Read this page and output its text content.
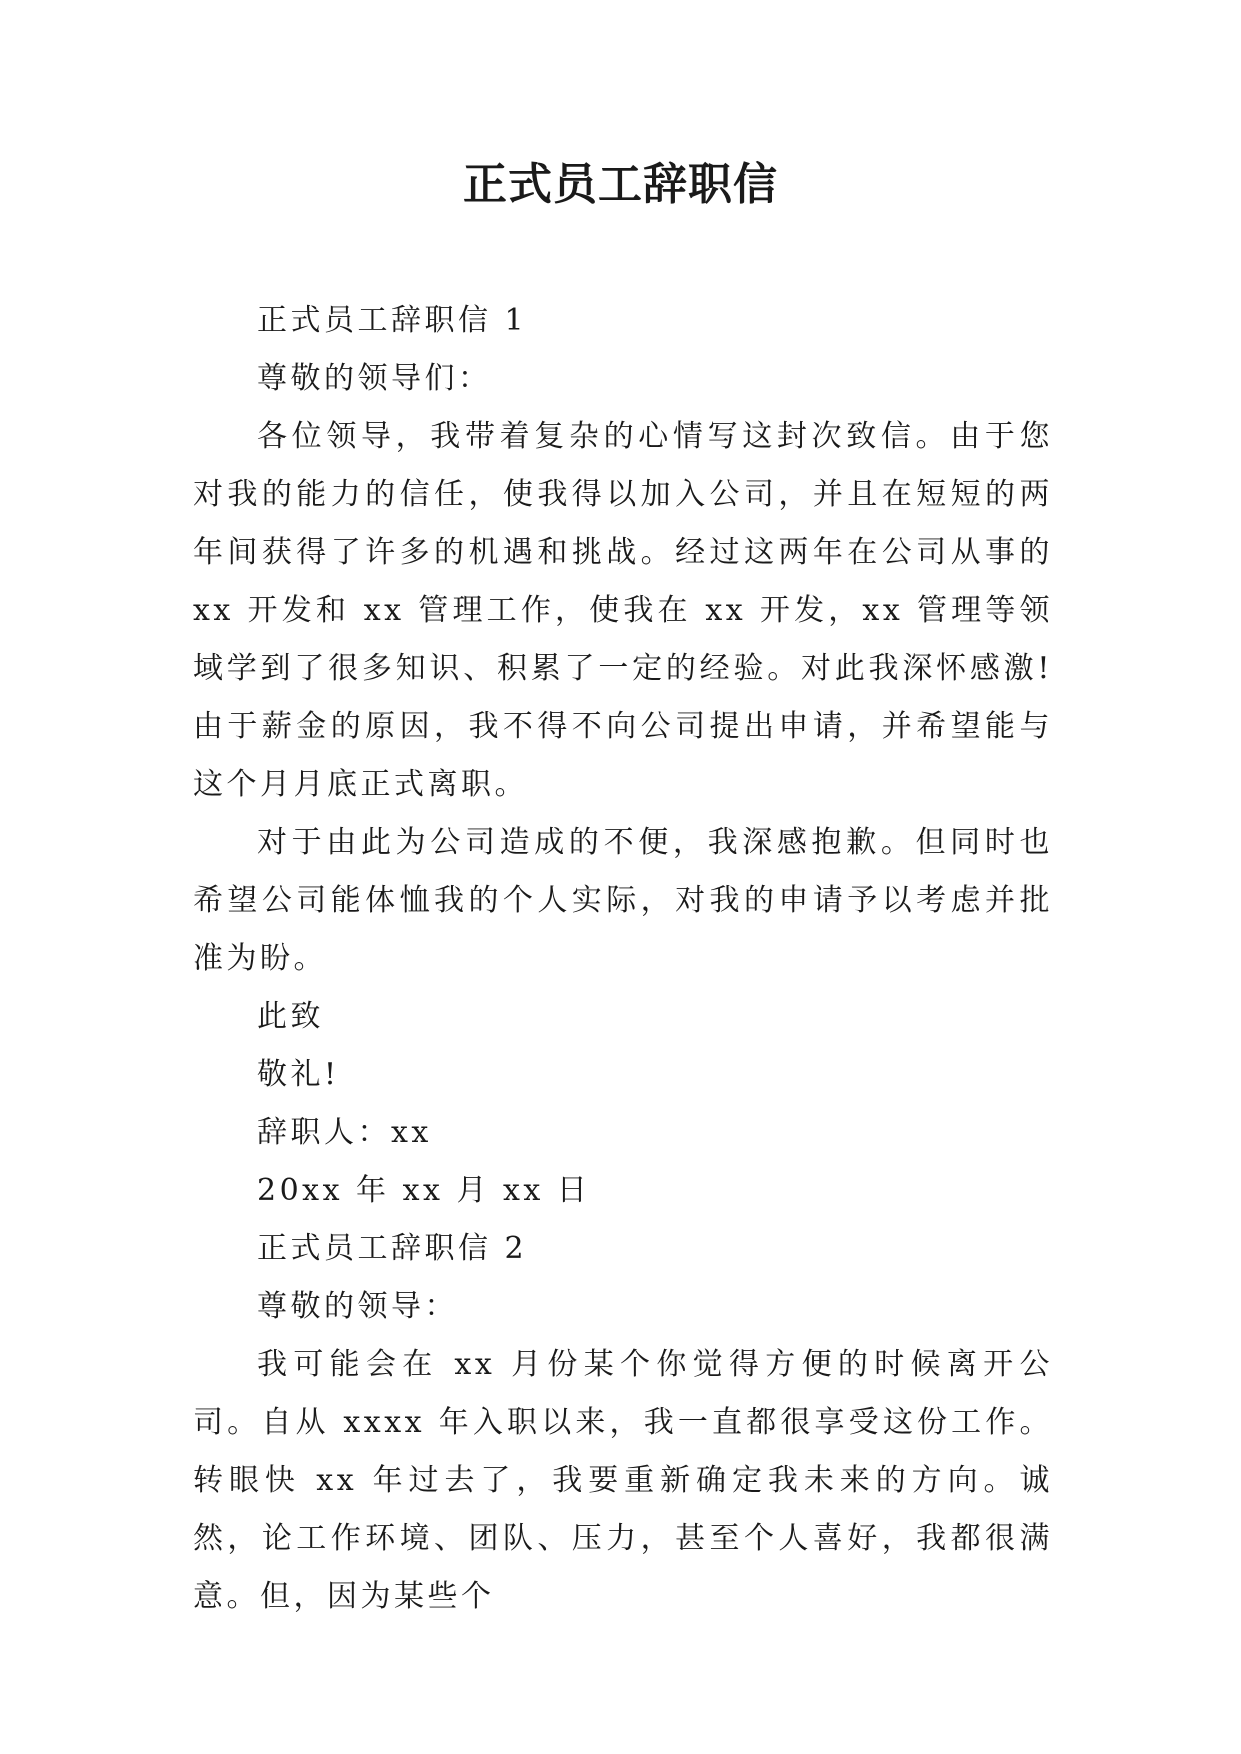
正式员工辞职信

正式员工辞职信 1

尊敬的领导们：

各位领导，我带着复杂的心情写这封次致信。由于您对我的能力的信任，使我得以加入公司，并且在短短的两年间获得了许多的机遇和挑战。经过这两年在公司从事的 xx 开发和 xx 管理工作，使我在 xx 开发，xx 管理等领域学到了很多知识、积累了一定的经验。对此我深怀感激!由于薪金的原因，我不得不向公司提出申请，并希望能与这个月月底正式离职。

对于由此为公司造成的不便，我深感抱歉。但同时也希望公司能体恤我的个人实际，对我的申请予以考虑并批准为盼。

此致

敬礼!

辞职人：xx

20xx 年 xx 月 xx 日

正式员工辞职信 2

尊敬的领导：

我可能会在 xx 月份某个你觉得方便的时候离开公司。自从 xxxx 年入职以来，我一直都很享受这份工作。转眼快 xx 年过去了，我要重新确定我未来的方向。诚然，论工作环境、团队、压力，甚至个人喜好，我都很满意。但，因为某些个
